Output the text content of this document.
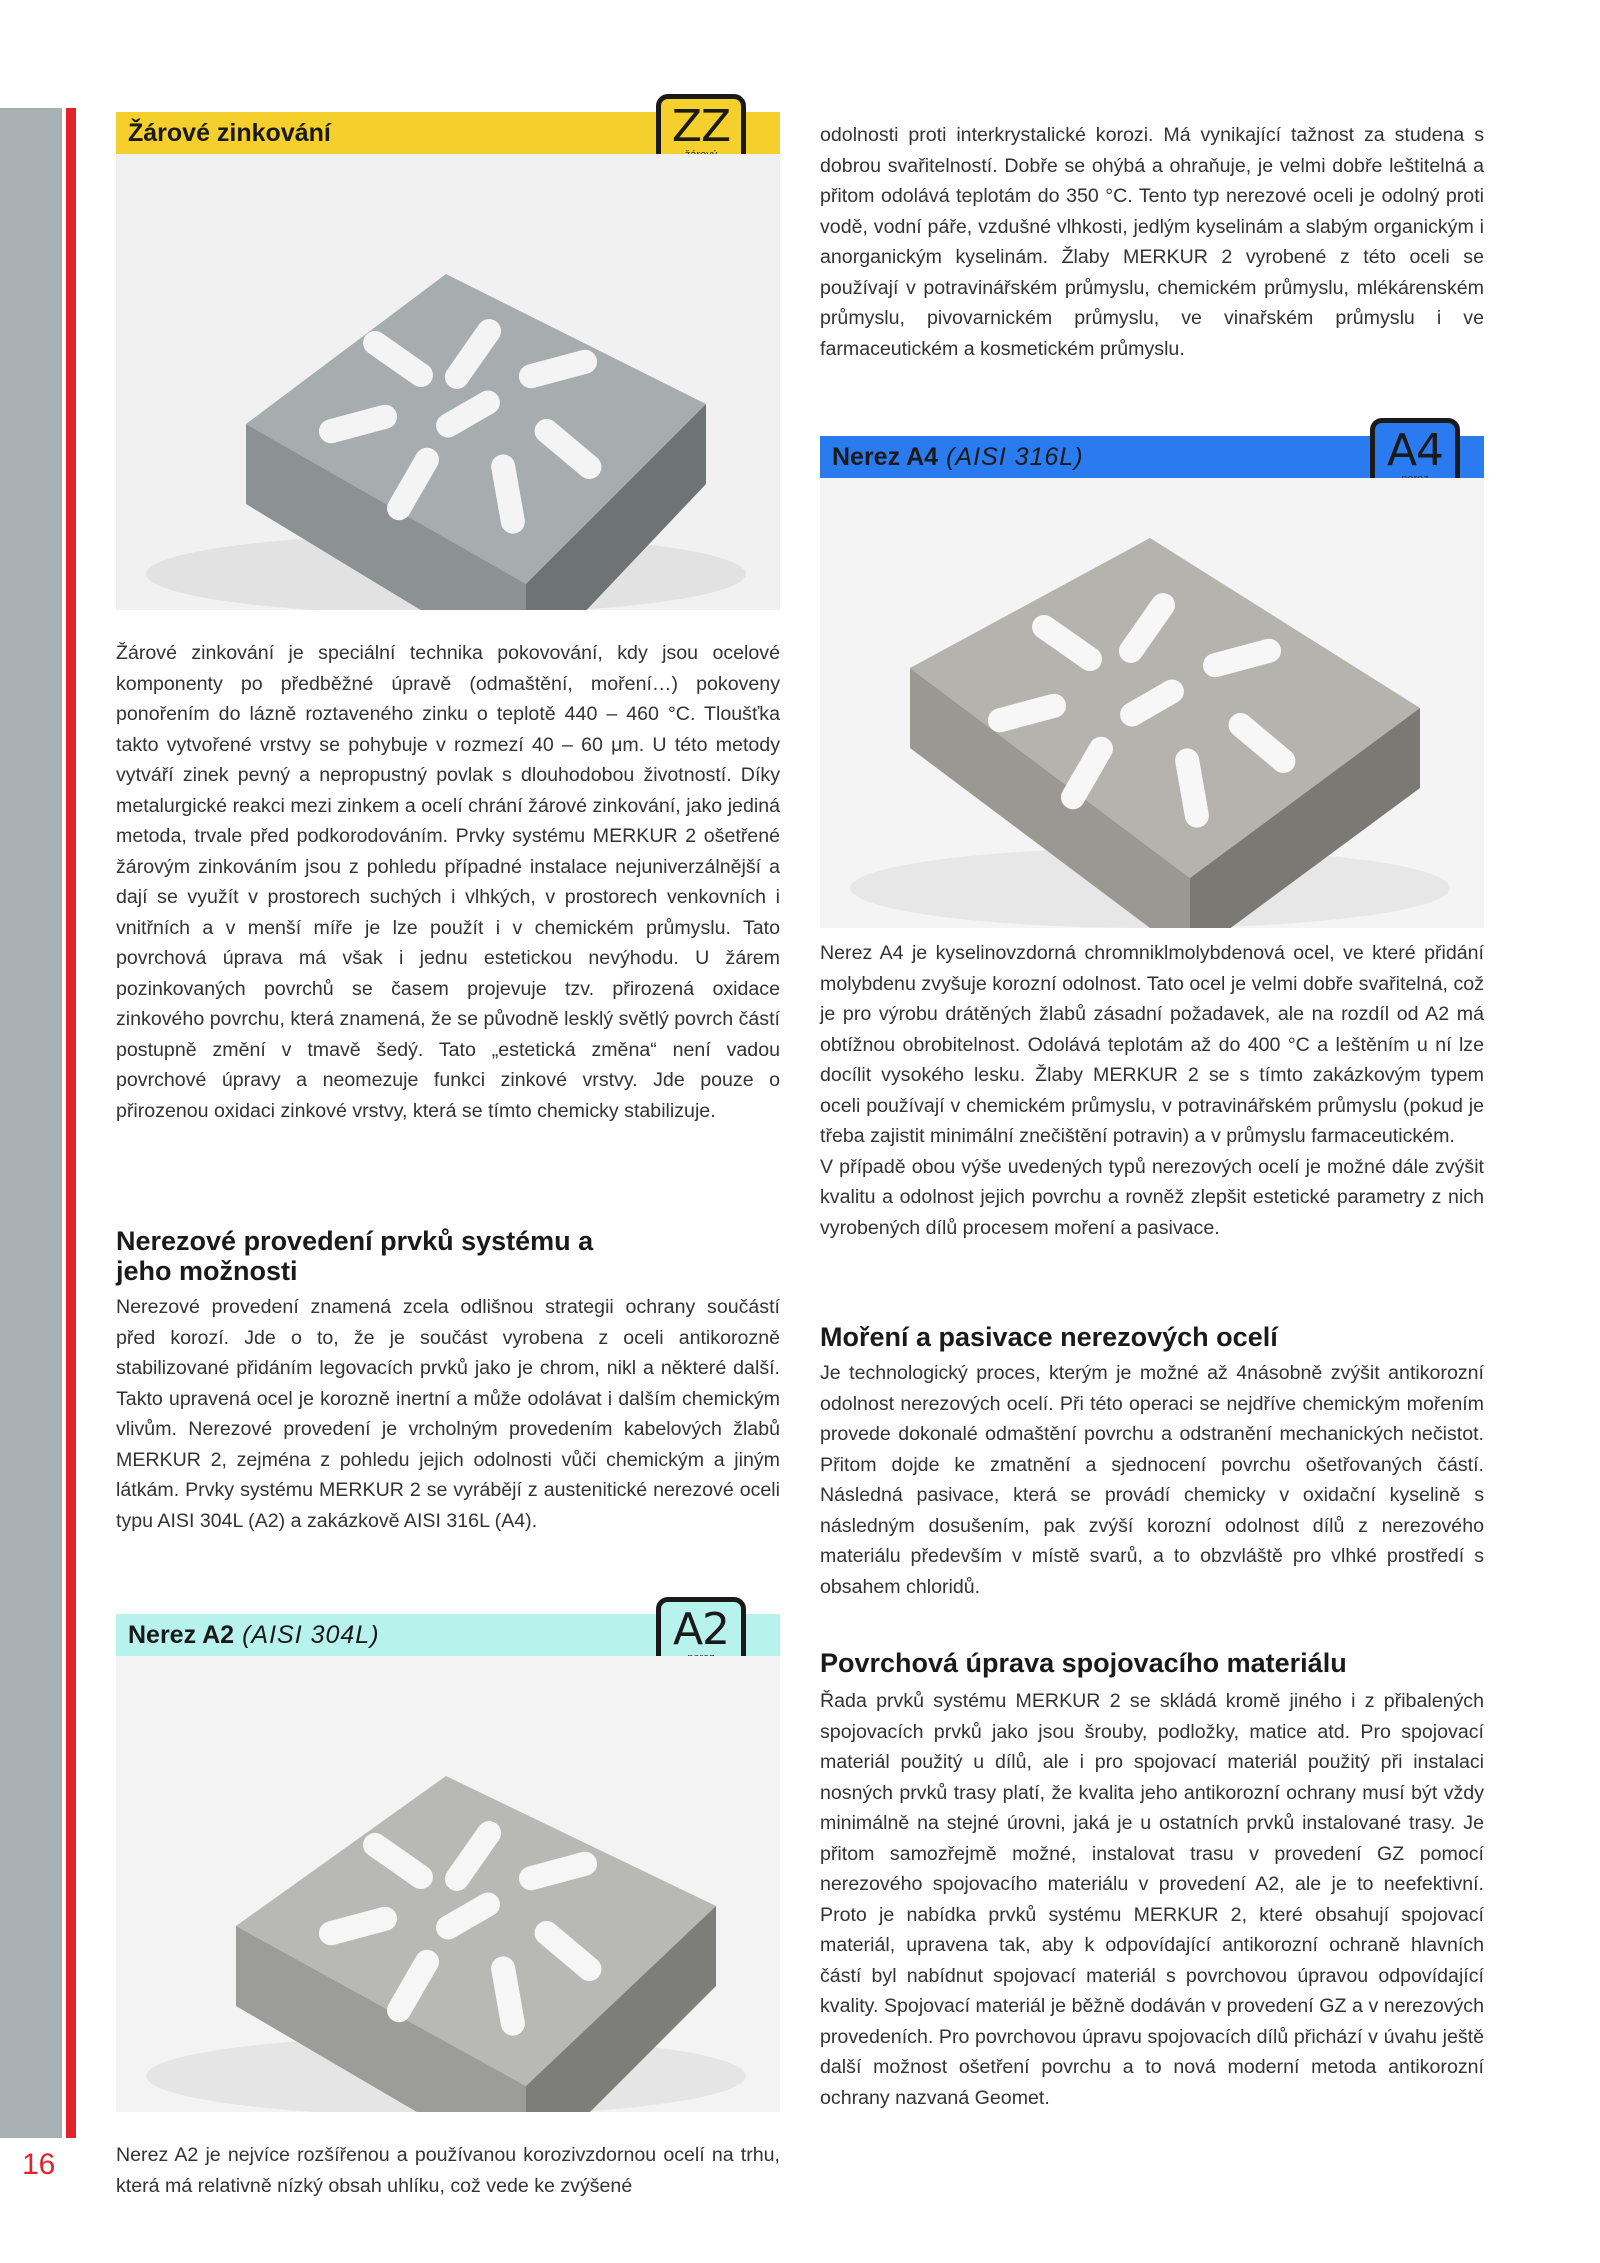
16
Žárové zinkování	ZZ
Žárové zinkování je speciální technika pokovování, kdy jsou ocelové komponenty po předběžné úpravě (odmaštění, moření…) pokoveny ponořením do lázně roztaveného zinku o teplotě 440 – 460 °C. Tloušťka takto vytvořené vrstvy se pohybuje v rozmezí 40 – 60 μm. U této metody vytváří zinek pevný a nepropustný povlak s dlouhodobou životností. Díky metalurgické reakci mezi zinkem a ocelí chrání žárové zinkování, jako jediná metoda, trvale před podkorodováním. Prvky systému MERKUR 2 ošetřené žárovým zinkováním jsou z pohledu případné instalace nejuniverzálnější a dají se využít v prostorech suchých i vlhkých, v prostorech venkovních i vnitřních a v menší míře je lze použít i v chemickém průmyslu. Tato povrchová úprava má však i jednu estetickou nevýhodu. U žárem pozinkovaných povrchů se časem projevuje tzv. přirozená oxidace zinkového povrchu, která znamená, že se původně lesklý světlý povrch částí postupně změní v tmavě šedý. Tato „estetická změna“ není vadou povrchové úpravy a neomezuje funkci zinkové vrstvy. Jde pouze o přirozenou oxidaci zinkové vrstvy, která se tímto chemicky stabilizuje.
Nerezové provedení prvků systému a jeho možnosti
Nerezové provedení znamená zcela odlišnou strategii ochrany součástí před korozí. Jde o to, že je součást vyrobena z oceli antikorozně stabilizované přidáním legovacích prvků jako je chrom, nikl a některé další. Takto upravená ocel je korozně inertní a může odolávat i dalším chemickým vlivům. Nerezové provedení je vrcholným provedením kabelových žlabů MERKUR 2, zejména z pohledu jejich odolnosti vůči chemickým a jiným látkám. Prvky systému MERKUR 2 se vyrábějí z austenitické nerezové oceli typu AISI 304L (A2) a zakázkově AISI 316L (A4).
Nerez A2 (AISI 304L)	A2
Nerez A2 je nejvíce rozšířenou a používanou korozivzdornou ocelí na trhu, která má relativně nízký obsah uhlíku, což vede ke zvýšené
odolnosti proti interkrystalické korozi. Má vynikající tažnost za studena s dobrou svařitelností. Dobře se ohýbá a ohraňuje, je velmi dobře leštitelná a přitom odolává teplotám do 350 °C. Tento typ nerezové oceli je odolný proti vodě, vodní páře, vzdušné vlhkosti, jedlým kyselinám a slabým organickým i anorganickým kyselinám. Žlaby MERKUR 2 vyrobené z této oceli se používají v potravinářském průmyslu, chemickém průmyslu, mlékárenském průmyslu, pivovarnickém průmyslu, ve vinařském průmyslu i ve farmaceutickém a kosmetickém průmyslu.
Nerez A4 (AISI 316L)	A4
Nerez A4 je kyselinovzdorná chromniklmolybdenová ocel, ve které přidání molybdenu zvyšuje korozní odolnost. Tato ocel je velmi dobře svařitelná, což je pro výrobu drátěných žlabů zásadní požadavek, ale na rozdíl od A2 má obtížnou obrobitelnost. Odolává teplotám až do 400 °C a leštěním u ní lze docílit vysokého lesku. Žlaby MERKUR 2 se s tímto zakázkovým typem oceli používají v chemickém průmyslu, v potravinářském průmyslu (pokud je třeba zajistit minimální znečištění potravin) a v průmyslu farmaceutickém.
V případě obou výše uvedených typů nerezových ocelí je možné dále zvýšit kvalitu a odolnost jejich povrchu a rovněž zlepšit estetické parametry z nich vyrobených dílů procesem moření a pasivace.
Moření a pasivace nerezových ocelí
Je technologický proces, kterým je možné až 4násobně zvýšit antikorozní odolnost nerezových ocelí. Při této operaci se nejdříve chemickým mořením provede dokonalé odmaštění povrchu a odstranění mechanických nečistot. Přitom dojde ke zmatnění a sjednocení povrchu ošetřovaných částí. Následná pasivace, která se provádí chemicky v oxidační kyselině s následným dosušením, pak zvýší korozní odolnost dílů z nerezového materiálu především v místě svarů, a to obzvláště pro vlhké prostředí s obsahem chloridů.
Povrchová úprava spojovacího materiálu
Řada prvků systému MERKUR 2 se skládá kromě jiného i z přibalených spojovacích prvků jako jsou šrouby, podložky, matice atd. Pro spojovací materiál použitý u dílů, ale i pro spojovací materiál použitý při instalaci nosných prvků trasy platí, že kvalita jeho antikorozní ochrany musí být vždy minimálně na stejné úrovni, jaká je u ostatních prvků instalované trasy. Je přitom samozřejmě možné, instalovat trasu v provedení GZ pomocí nerezového spojovacího materiálu v provedení A2, ale je to neefektivní. Proto je nabídka prvků systému MERKUR 2, které obsahují spojovací materiál, upravena tak, aby k odpovídající antikorozní ochraně hlavních částí byl nabídnut spojovací materiál s povrchovou úpravou odpovídající kvality. Spojovací materiál je běžně dodáván v provedení GZ a v nerezových provedeních. Pro povrchovou úpravu spojovacích dílů přichází v úvahu ještě další možnost ošetření povrchu a to nová moderní metoda antikorozní ochrany nazvaná Geomet.
